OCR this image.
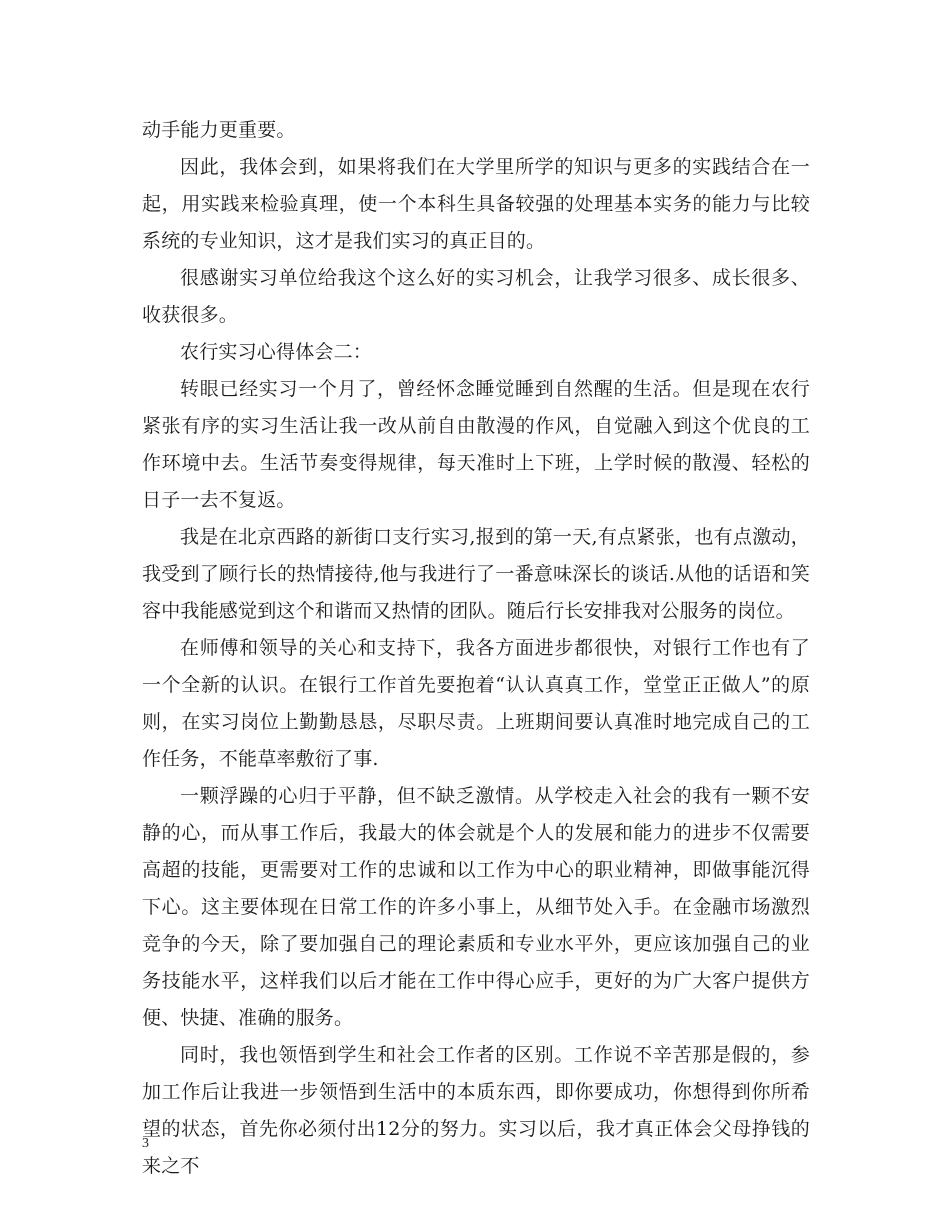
动手能力更重要。

因此，我体会到，如果将我们在大学里所学的知识与更多的实践结合在一起，用实践来检验真理，使一个本科生具备较强的处理基本实务的能力与比较系统的专业知识，这才是我们实习的真正目的。

很感谢实习单位给我这个这么好的实习机会，让我学习很多、成长很多、收获很多。

农行实习心得体会二：

转眼已经实习一个月了，曾经怀念睡觉睡到自然醒的生活。但是现在农行紧张有序的实习生活让我一改从前自由散漫的作风，自觉融入到这个优良的工作环境中去。生活节奏变得规律，每天准时上下班，上学时候的散漫、轻松的日子一去不复返。

我是在北京西路的新街口支行实习,报到的第一天,有点紧张，也有点激动，我受到了顾行长的热情接待,他与我进行了一番意味深长的谈话.从他的话语和笑容中我能感觉到这个和谐而又热情的团队。随后行长安排我对公服务的岗位。

在师傅和领导的关心和支持下，我各方面进步都很快，对银行工作也有了一个全新的认识。在银行工作首先要抱着“认认真真工作，堂堂正正做人”的原则，在实习岗位上勤勤恳恳，尽职尽责。上班期间要认真准时地完成自己的工作任务，不能草率敷衍了事.

一颗浮躁的心归于平静，但不缺乏激情。从学校走入社会的我有一颗不安静的心，而从事工作后，我最大的体会就是个人的发展和能力的进步不仅需要高超的技能，更需要对工作的忠诚和以工作为中心的职业精神，即做事能沉得下心。这主要体现在日常工作的许多小事上，从细节处入手。在金融市场激烈竞争的今天，除了要加强自己的理论素质和专业水平外，更应该加强自己的业务技能水平，这样我们以后才能在工作中得心应手，更好的为广大客户提供方便、快捷、准确的服务。

同时，我也领悟到学生和社会工作者的区别。工作说不辛苦那是假的，参加工作后让我进一步领悟到生活中的本质东西，即你要成功，你想得到你所希望的状态，首先你必须付出12分的努力。实习以后，我才真正体会父母挣钱的来之不

3
